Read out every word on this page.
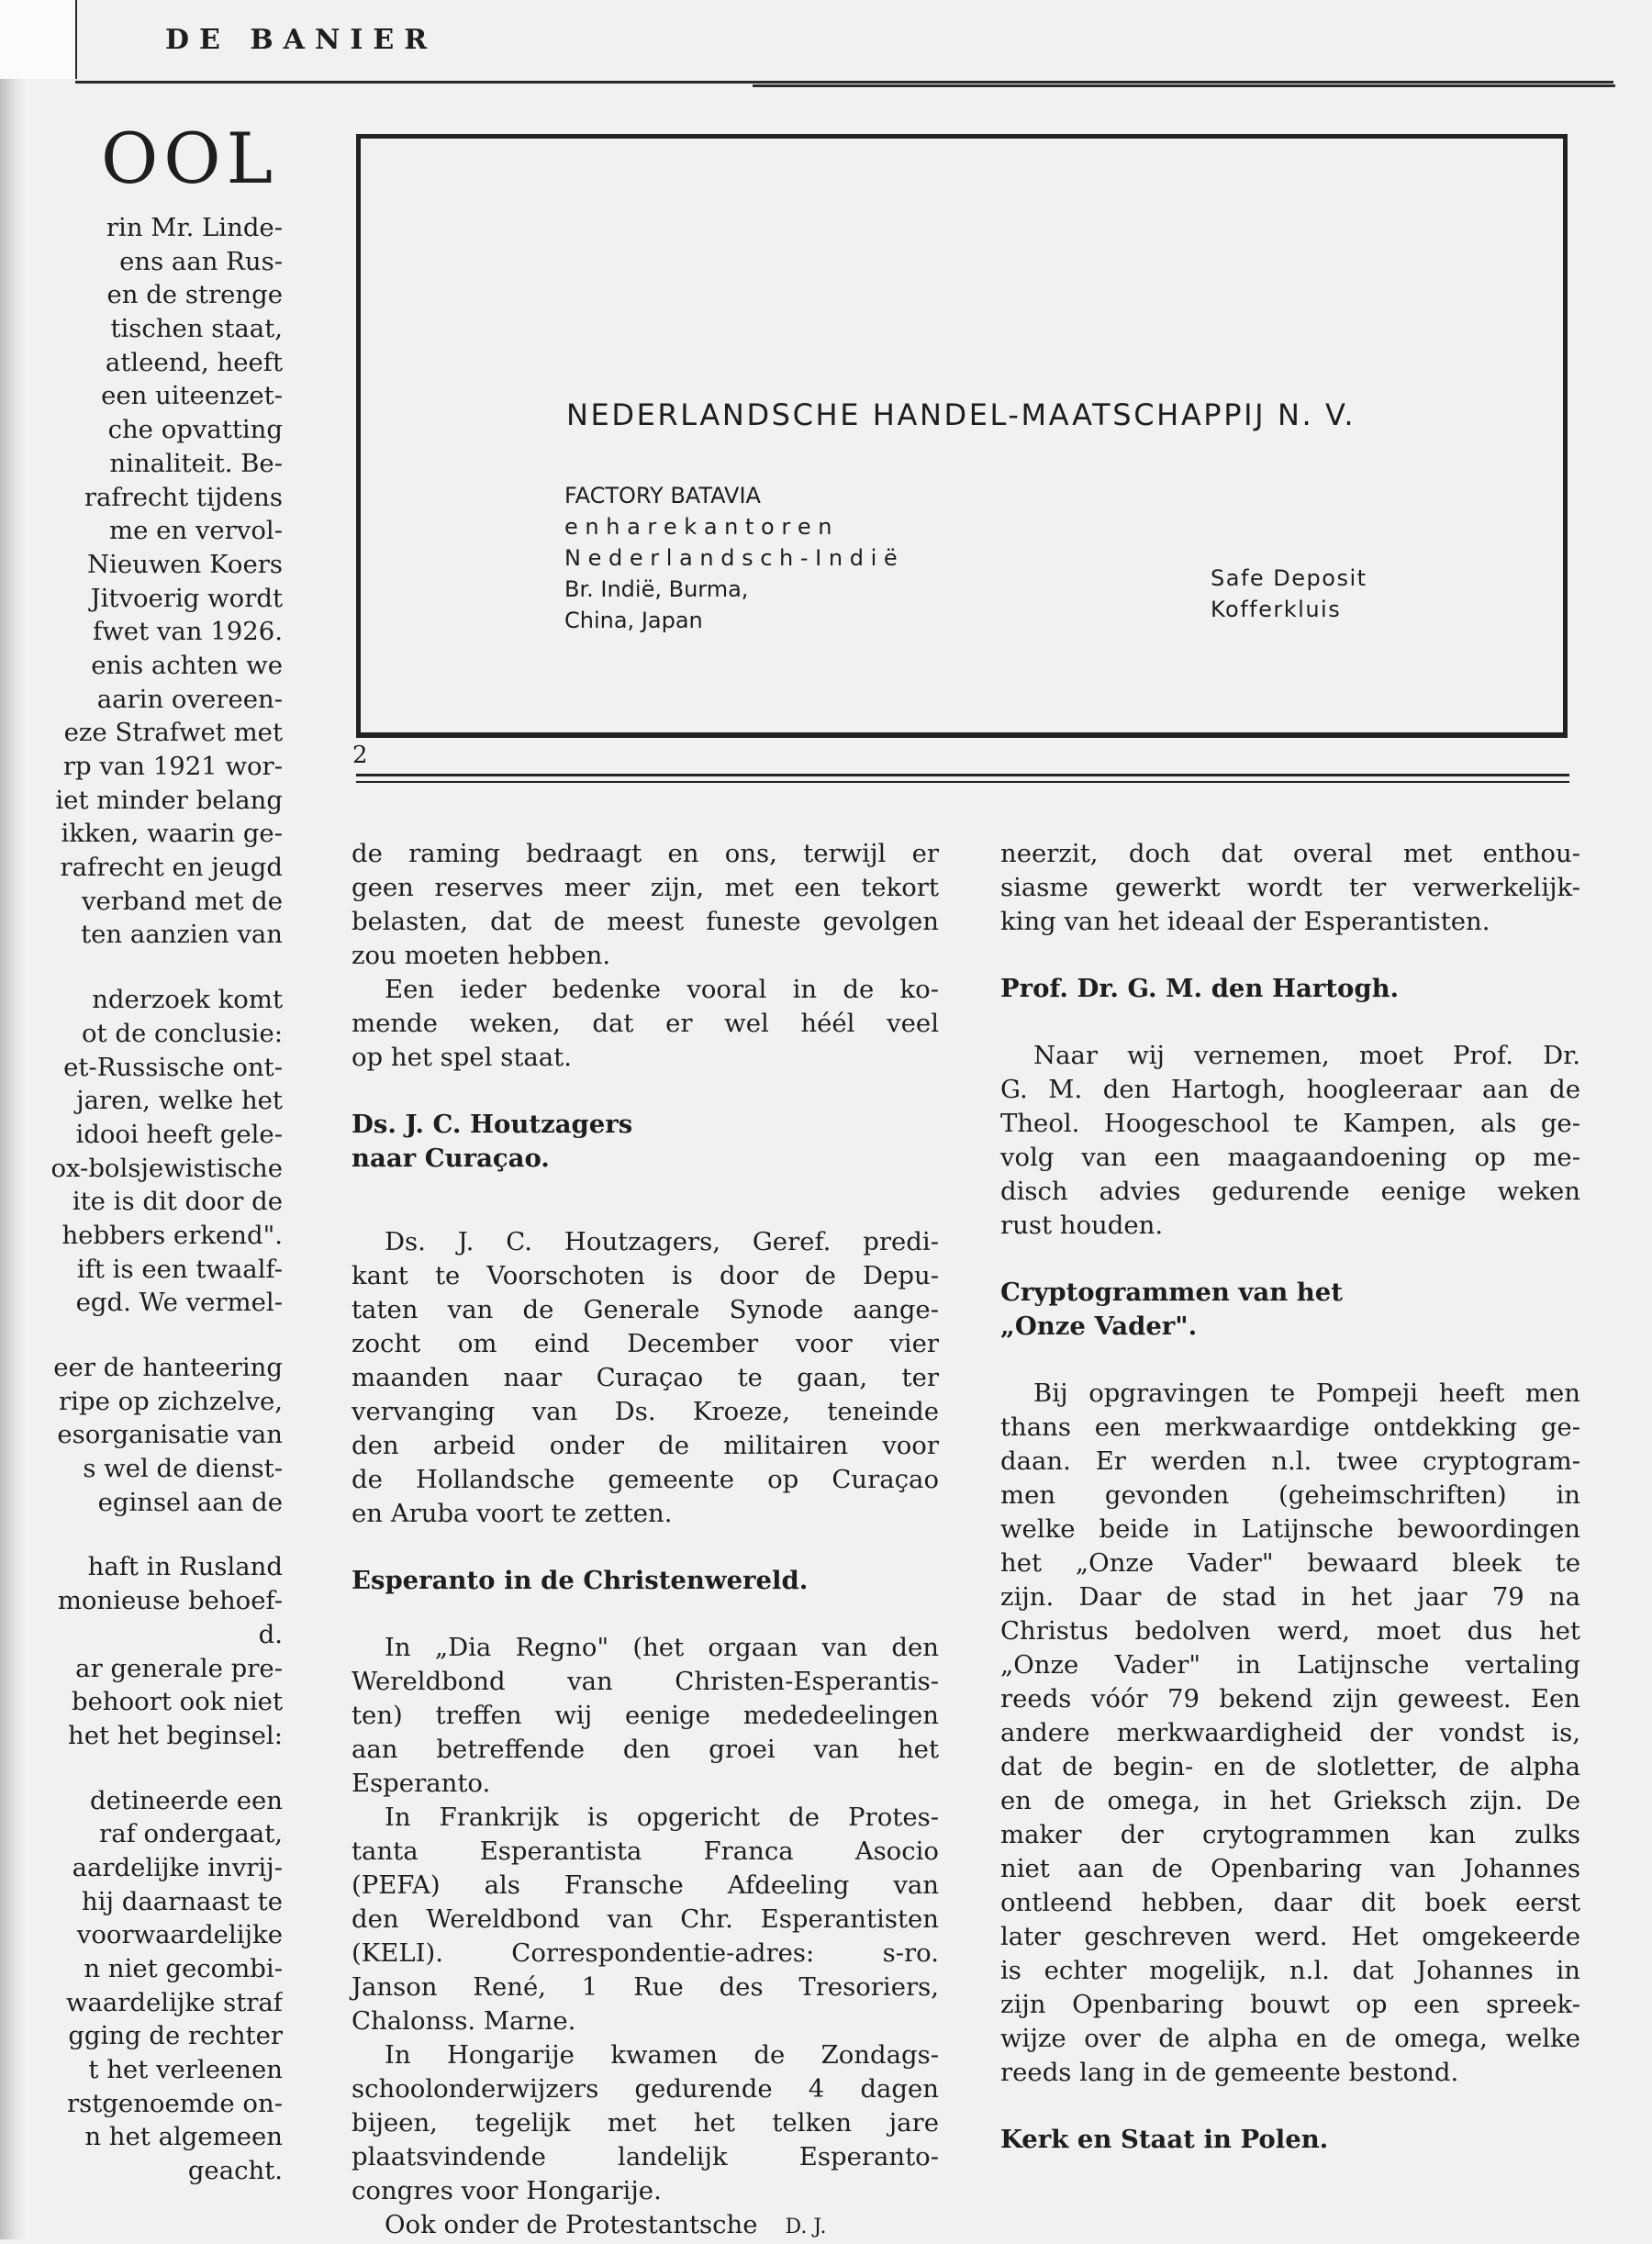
DE BANIER
OOL
rin Mr. Linde-
ens aan Rus-
en de strenge
tischen staat,
atleend, heeft
een uiteenzet-
che opvatting
ninaliteit. Be-
rafrecht tijdens
me en vervol-
Nieuwen Koers
Jitvoerig wordt
fwet van 1926.
enis achten we
aarin overeen-
eze Strafwet met
rp van 1921 wor-
iet minder belang
ikken, waarin ge-
rafrecht en jeugd
verband met de
ten aanzien van
nderzoek komt
ot de conclusie:
et-Russische ont-
jaren, welke het
idooi heeft gele-
ox-bolsjewistische
ite is dit door de
hebbers erkend".
ift is een twaalf-
egd. We vermel-
eer de hanteering
ripe op zichzelve,
esorganisatie van
s wel de dienst-
eginsel aan de
haft in Rusland
monieuse behoef-
d.
ar generale pre-
behoort ook niet
het het beginsel:
detineerde een
raf ondergaat,
aardelijke invrij-
hij daarnaast te
voorwaardelijke
n niet gecombi-
waardelijke straf
gging de rechter
t het verleenen
rstgenoemde on-
n het algemeen
geacht.
NEDERLANDSCHE HANDEL-MAATSCHAPPIJ N. V.
FACTORY BATAVIA
e n h a r e k a n t o r e n
N e d e r l a n d s c h - I n d i ë
Br. Indië, Burma,
China, Japan
Safe Deposit
Kofferkluis
2
de raming bedraagt en ons, terwijl er
geen reserves meer zijn, met een tekort
belasten, dat de meest funeste gevolgen
zou moeten hebben.
Een ieder bedenke vooral in de ko-
mende weken, dat er wel héél veel
op het spel staat.
Ds. J. C. Houtzagers
naar Curaçao.
Ds. J. C. Houtzagers, Geref. predi-
kant te Voorschoten is door de Depu-
taten van de Generale Synode aange-
zocht om eind December voor vier
maanden naar Curaçao te gaan, ter
vervanging van Ds. Kroeze, teneinde
den arbeid onder de militairen voor
de Hollandsche gemeente op Curaçao
en Aruba voort te zetten.
Esperanto in de Christenwereld.
In „Dia Regno" (het orgaan van den
Wereldbond van Christen-Esperantis-
ten) treffen wij eenige mededeelingen
aan betreffende den groei van het
Esperanto.
In Frankrijk is opgericht de Protes-
tanta Esperantista Franca Asocio
(PEFA) als Fransche Afdeeling van
den Wereldbond van Chr. Esperantisten
(KELI). Correspondentie-adres: s-ro.
Janson René, 1 Rue des Tresoriers,
Chalonss. Marne.
In Hongarije kwamen de Zondags-
schoolonderwijzers gedurende 4 dagen
bijeen, tegelijk met het telken jare
plaatsvindende landelijk Esperanto-
congres voor Hongarije.
Ook onder de Protestantsche D. J.
neerzit, doch dat overal met enthou-
siasme gewerkt wordt ter verwerkelijk-
king van het ideaal der Esperantisten.
Prof. Dr. G. M. den Hartogh.
Naar wij vernemen, moet Prof. Dr.
G. M. den Hartogh, hoogleeraar aan de
Theol. Hoogeschool te Kampen, als ge-
volg van een maagaandoening op me-
disch advies gedurende eenige weken
rust houden.
Cryptogrammen van het
„Onze Vader".
Bij opgravingen te Pompeji heeft men
thans een merkwaardige ontdekking ge-
daan. Er werden n.l. twee cryptogram-
men gevonden (geheimschriften) in
welke beide in Latijnsche bewoordingen
het „Onze Vader" bewaard bleek te
zijn. Daar de stad in het jaar 79 na
Christus bedolven werd, moet dus het
„Onze Vader" in Latijnsche vertaling
reeds vóór 79 bekend zijn geweest. Een
andere merkwaardigheid der vondst is,
dat de begin- en de slotletter, de alpha
en de omega, in het Grieksch zijn. De
maker der crytogrammen kan zulks
niet aan de Openbaring van Johannes
ontleend hebben, daar dit boek eerst
later geschreven werd. Het omgekeerde
is echter mogelijk, n.l. dat Johannes in
zijn Openbaring bouwt op een spreek-
wijze over de alpha en de omega, welke
reeds lang in de gemeente bestond.
Kerk en Staat in Polen.
